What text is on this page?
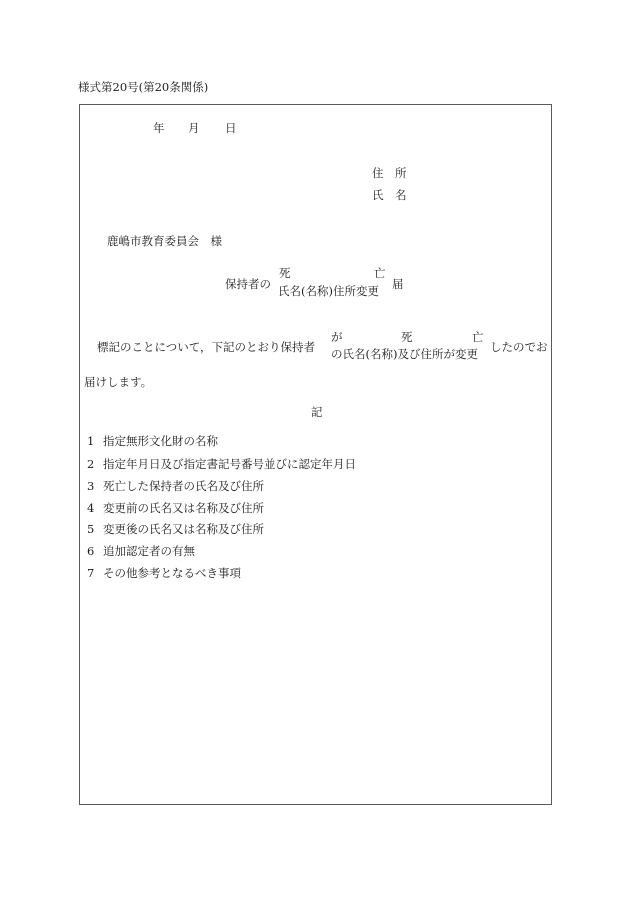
様式第20号(第20条関係)
年 月 日
住　所
氏　名
鹿嶋市教育委員会　様
保持者の
死	亡
氏名(名称)住所変更 届
標記のことについて，下記のとおり保持者
が	死	亡
の氏名(名称)及び住所が変更 したのでお
届けします。
記
1 指定無形文化財の名称
2 指定年月日及び指定書記号番号並びに認定年月日
3 死亡した保持者の氏名及び住所
4 変更前の氏名又は名称及び住所
5 変更後の氏名又は名称及び住所
6 追加認定者の有無
7 その他参考となるべき事項
